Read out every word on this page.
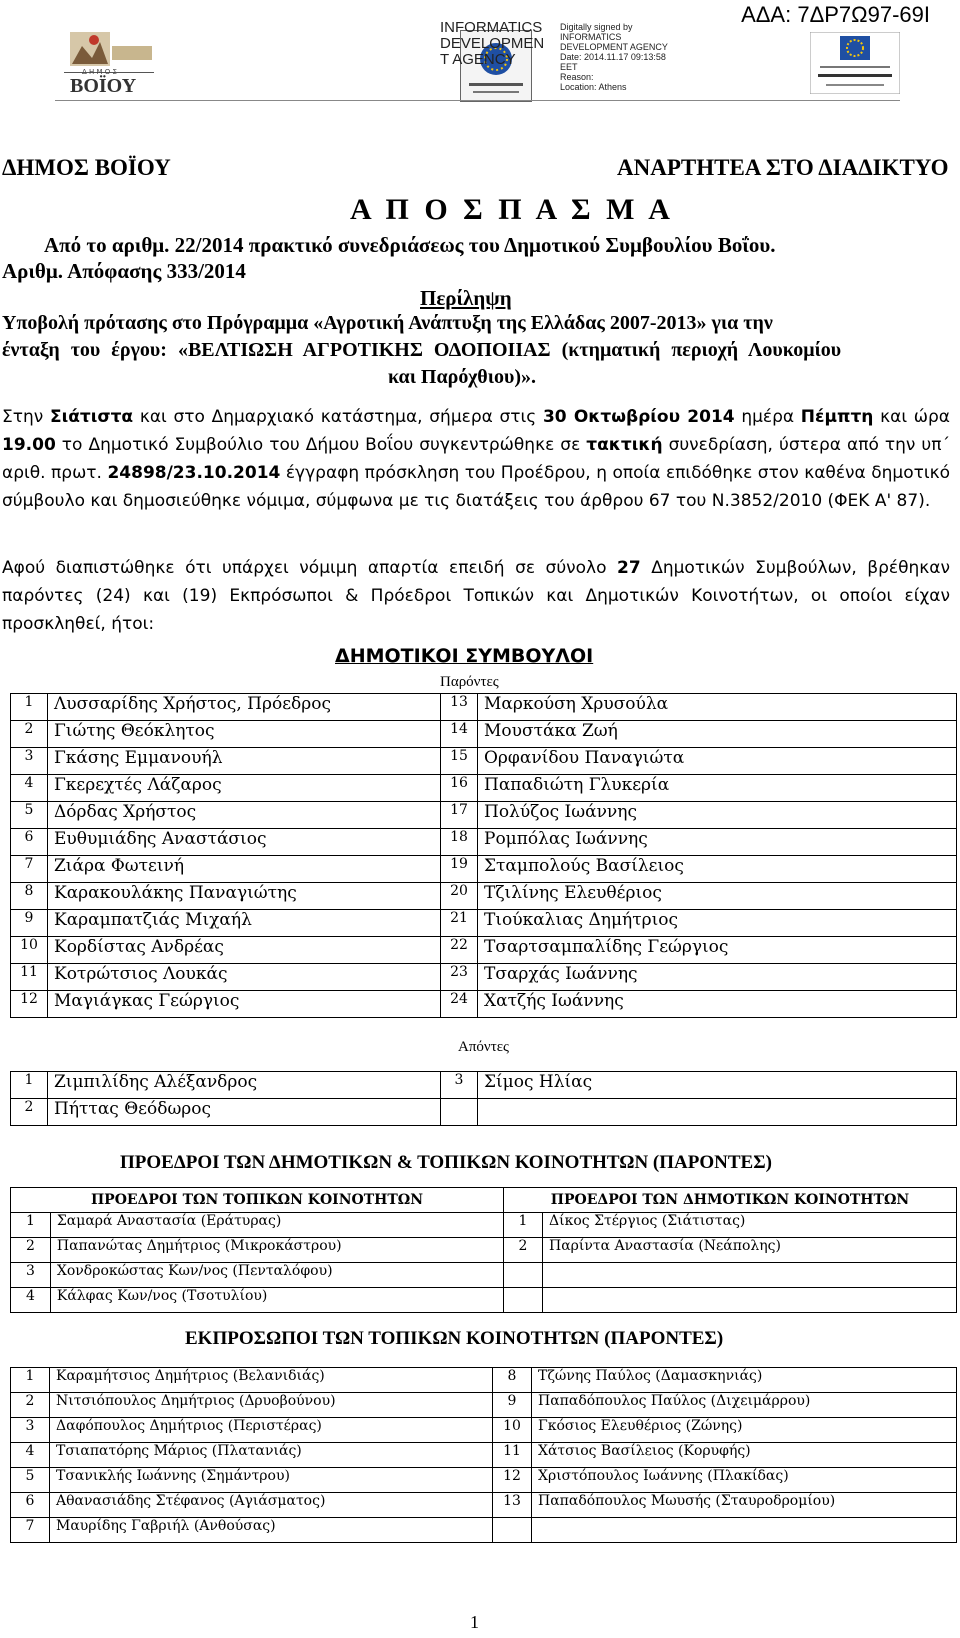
Δ Η Μ Ο Σ
ΒΟΪΟΥ
INFORMATICS DEVELOPMEN T AGENCY
Digitally signed by
INFORMATICS
DEVELOPMENT AGENCY
Date: 2014.11.17 09:13:58
EET
Reason:
Location: Athens
ΑΔΑ: 7ΔΡ7Ω97-69Ι
ΔΗΜΟΣ ΒΟΪΟΥ	ΑΝΑΡΤΗΤΕΑ ΣΤΟ ΔΙΑΔΙΚΤΥΟ
Α Π Ο Σ Π Α Σ Μ Α
Από το αριθμ. 22/2014 πρακτικό συνεδριάσεως του Δημοτικού Συμβουλίου Βοΐου.
Αριθμ. Απόφασης 333/2014
Περίληψη
Υποβολή πρότασης στο Πρόγραμμα «Αγροτική Ανάπτυξη της Ελλάδας 2007-2013» για την
ένταξη του έργου: «ΒΕΛΤΙΩΣΗ ΑΓΡΟΤΙΚΗΣ ΟΔΟΠΟΙΙΑΣ (κτηματική περιοχή Λουκομίου
και Παρόχθιου)».
Στην Σιάτιστα και στο Δημαρχιακό κατάστημα, σήμερα στις 30 Οκτωβρίου 2014 ημέρα Πέμπτη και ώρα 19.00 το Δημοτικό Συμβούλιο του Δήμου Βοΐου συγκεντρώθηκε σε τακτική συνεδρίαση, ύστερα από την υπ΄ αριθ. πρωτ. 24898/23.10.2014 έγγραφη πρόσκληση του Προέδρου, η οποία επιδόθηκε στον καθένα δημοτικό σύμβουλο και δημοσιεύθηκε νόμιμα, σύμφωνα με τις διατάξεις του άρθρου 67 του Ν.3852/2010 (ΦΕΚ Α' 87).
Αφού διαπιστώθηκε ότι υπάρχει νόμιμη απαρτία επειδή σε σύνολο 27 Δημοτικών Συμβούλων, βρέθηκαν παρόντες (24) και (19) Εκπρόσωποι & Πρόεδροι Τοπικών και Δημοτικών Κοινοτήτων, οι οποίοι είχαν προσκληθεί, ήτοι:
ΔΗΜΟΤΙΚΟΙ ΣΥΜΒΟΥΛΟΙ
Παρόντες
1	Λυσσαρίδης Χρήστος, Πρόεδρος	13	Μαρκούση Χρυσούλα
2	Γιώτης Θεόκλητος	14	Μουστάκα Ζωή
3	Γκάσης Εμμανουήλ	15	Ορφανίδου Παναγιώτα
4	Γκερεχτές Λάζαρος	16	Παπαδιώτη Γλυκερία
5	Δόρδας Χρήστος	17	Πολύζος Ιωάννης
6	Ευθυμιάδης Αναστάσιος	18	Ρομπόλας Ιωάννης
7	Ζιάρα Φωτεινή	19	Σταμπολούς Βασίλειος
8	Καρακουλάκης Παναγιώτης	20	Τζιλίνης Ελευθέριος
9	Καραμπατζιάς Μιχαήλ	21	Τιούκαλιας Δημήτριος
10	Κορδίστας Ανδρέας	22	Τσαρτσαμπαλίδης Γεώργιος
11	Κοτρώτσιος Λουκάς	23	Τσαρχάς Ιωάννης
12	Μαγιάγκας Γεώργιος	24	Χατζής Ιωάννης
Απόντες
1	Ζιμπιλίδης Αλέξανδρος	3	Σίμος Ηλίας
2	Πήττας Θεόδωρος		
ΠΡΟΕΔΡΟΙ ΤΩΝ ΔΗΜΟΤΙΚΩΝ & ΤΟΠΙΚΩΝ ΚΟΙΝΟΤΗΤΩΝ (ΠΑΡΟΝΤΕΣ)
ΠΡΟΕΔΡΟΙ ΤΩΝ ΤΟΠΙΚΩΝ ΚΟΙΝΟΤΗΤΩΝ		ΠΡΟΕΔΡΟΙ ΤΩΝ ΔΗΜΟΤΙΚΩΝ ΚΟΙΝΟΤΗΤΩΝ	
1	Σαμαρά Αναστασία (Εράτυρας)	1	Δίκος Στέργιος (Σιάτιστας)
2	Παπανώτας Δημήτριος (Μικροκάστρου)	2	Παρίντα Αναστασία (Νεάπολης)
3	Χονδροκώστας Κων/νος (Πενταλόφου)		
4	Κάλφας Κων/νος (Τσοτυλίου)		
ΕΚΠΡΟΣΩΠΟΙ ΤΩΝ ΤΟΠΙΚΩΝ ΚΟΙΝΟΤΗΤΩΝ (ΠΑΡΟΝΤΕΣ)
1	Καραμήτσιος Δημήτριος (Βελανιδιάς)	8	Τζώνης Παύλος (Δαμασκηνιάς)
2	Νιτσιόπουλος Δημήτριος (Δρυοβούνου)	9	Παπαδόπουλος Παύλος (Διχειμάρρου)
3	Δαφόπουλος Δημήτριος (Περιστέρας)	10	Γκόσιος Ελευθέριος (Ζώνης)
4	Τσιαπατόρης Μάριος (Πλατανιάς)	11	Χάτσιος Βασίλειος (Κορυφής)
5	Τσανικλής Ιωάννης (Σημάντρου)	12	Χριστόπουλος Ιωάννης (Πλακίδας)
6	Αθανασιάδης Στέφανος (Αγιάσματος)	13	Παπαδόπουλος Μωυσής (Σταυροδρομίου)
7	Μαυρίδης Γαβριήλ (Ανθούσας)		
1
